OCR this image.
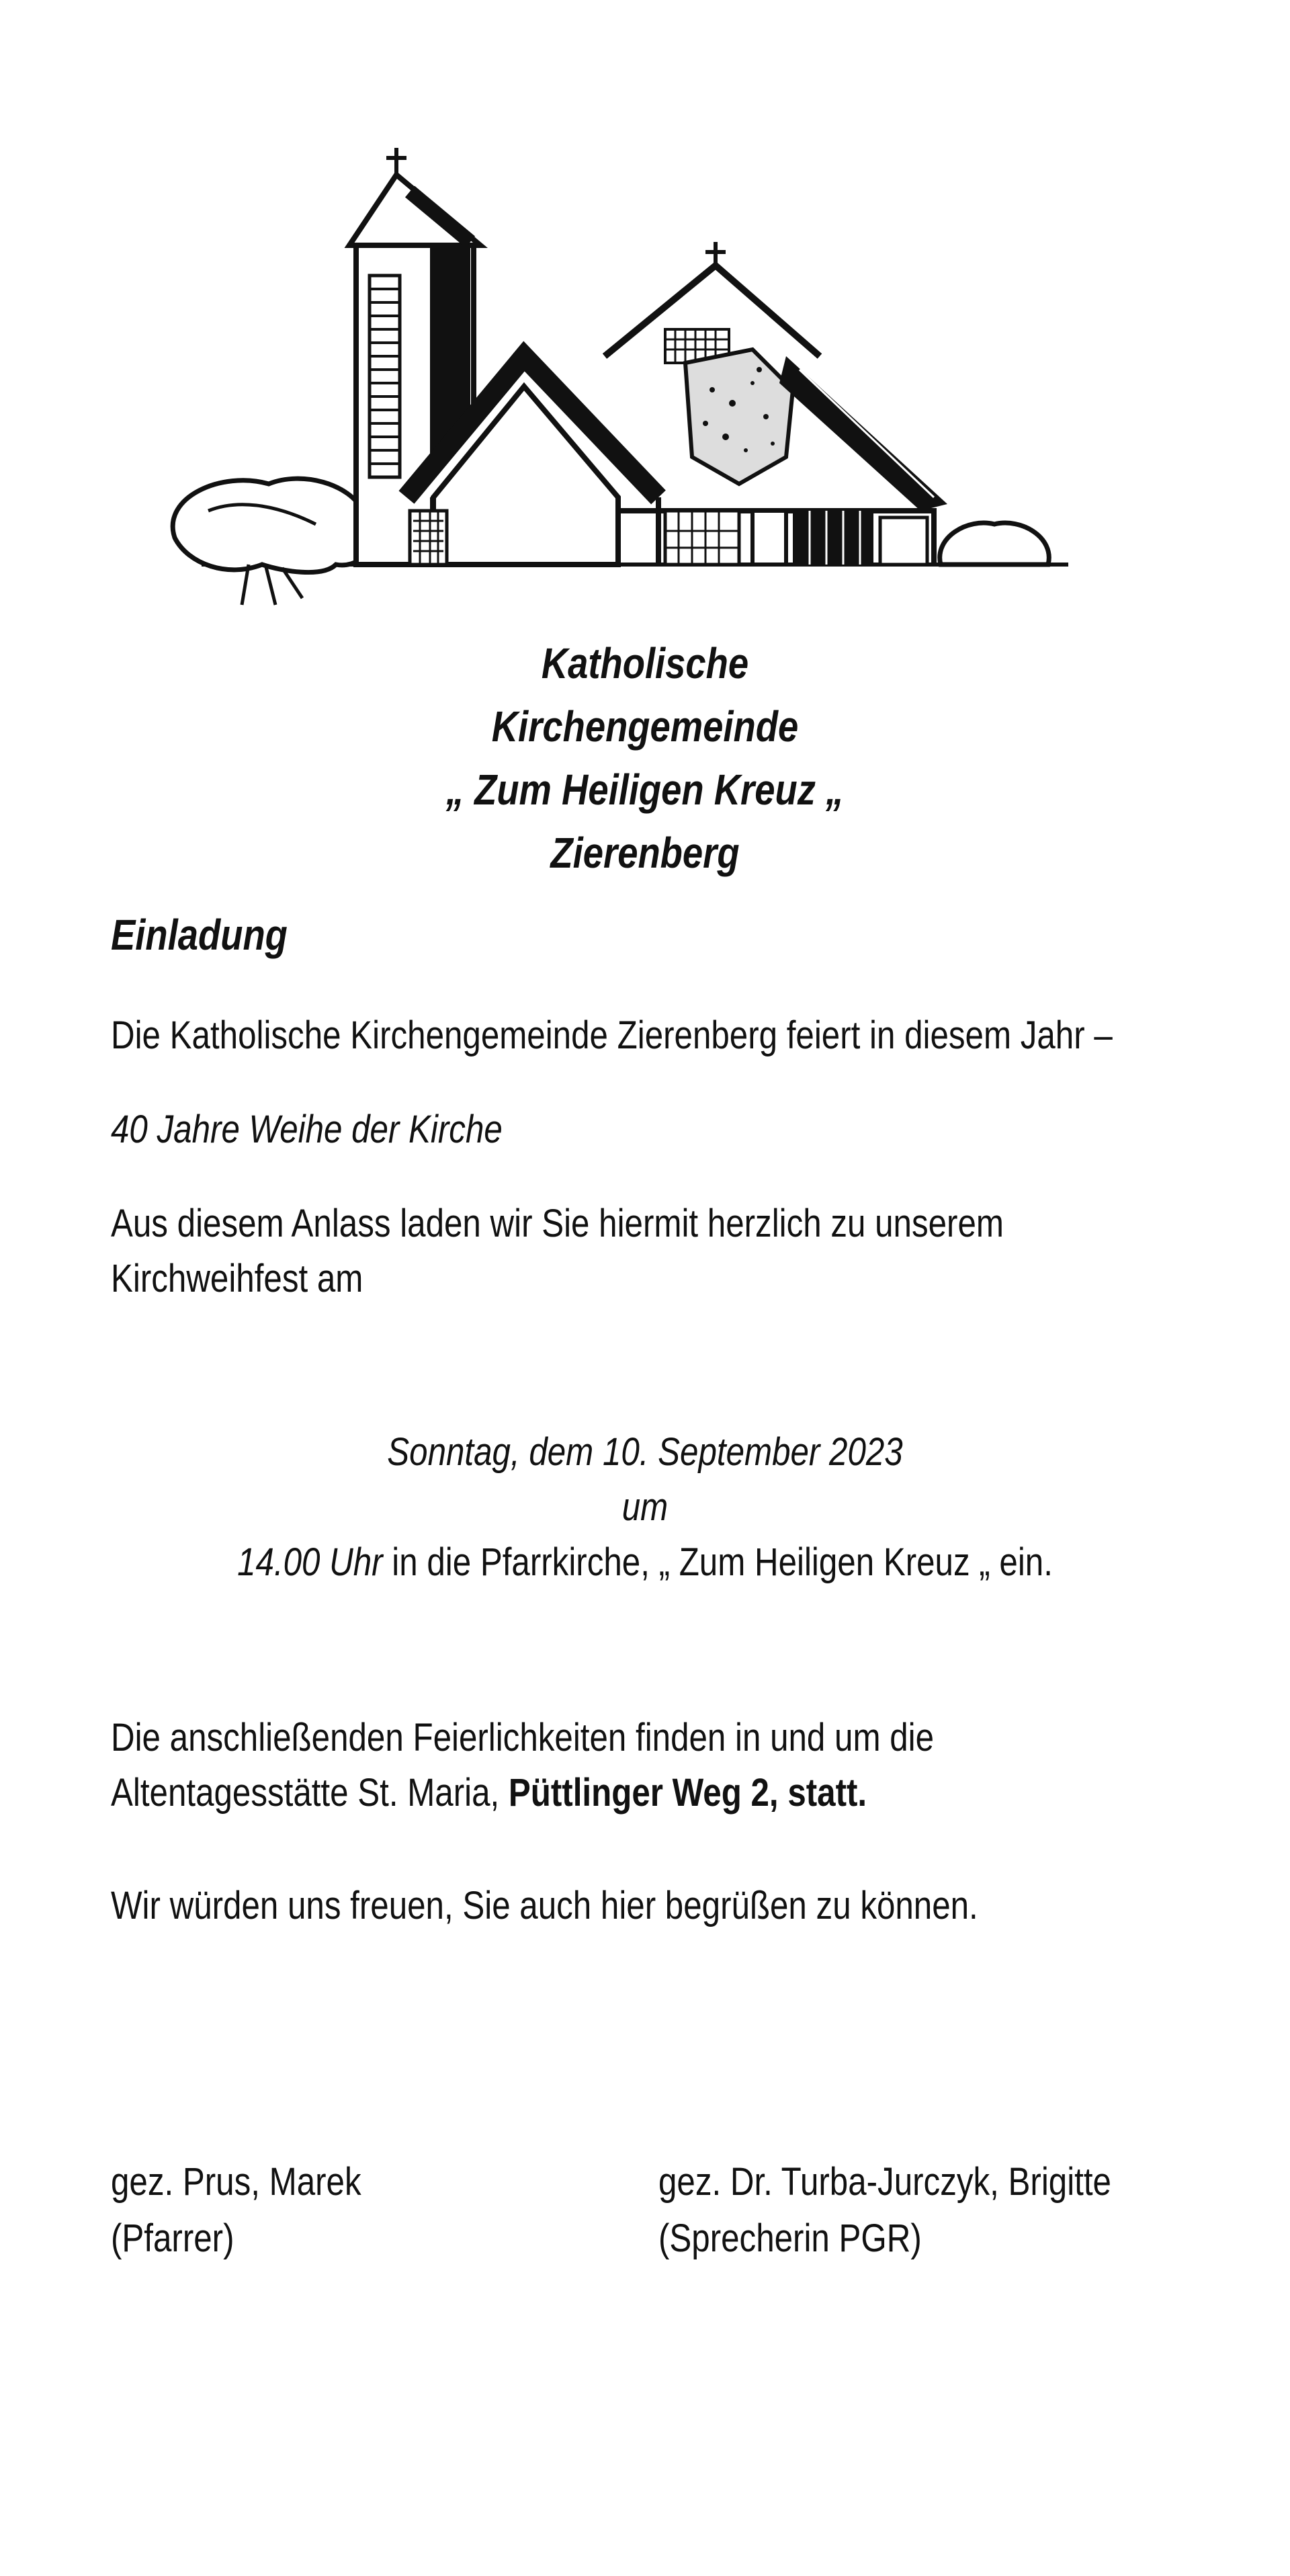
Katholische
Kirchengemeinde
„ Zum Heiligen Kreuz „
Zierenberg
Einladung
Die Katholische Kirchengemeinde Zierenberg feiert in diesem Jahr –
40 Jahre Weihe der Kirche
Aus diesem Anlass laden wir Sie hiermit herzlich zu unserem
Kirchweihfest am
Sonntag, dem 10. September 2023
um
14.00 Uhr in die Pfarrkirche, „ Zum Heiligen Kreuz „ ein.
Die anschließenden Feierlichkeiten finden in und um die
Altentagesstätte St. Maria, Püttlinger Weg 2, statt.
Wir würden uns freuen, Sie auch hier begrüßen zu können.
gez. Prus, Marek
(Pfarrer)
gez. Dr. Turba-Jurczyk, Brigitte
(Sprecherin PGR)
